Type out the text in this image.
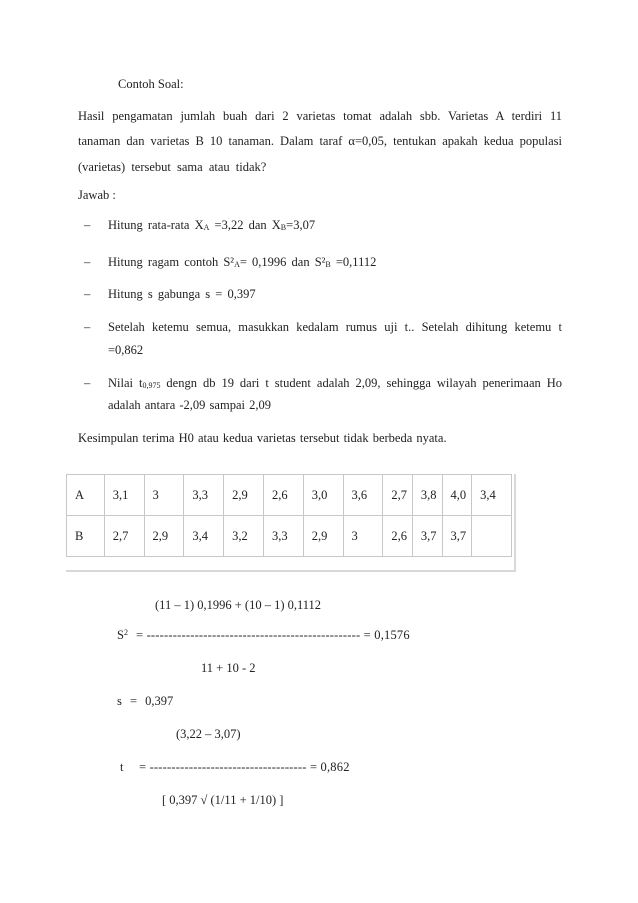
Contoh Soal:
Hasil pengamatan jumlah buah dari 2 varietas tomat adalah sbb. Varietas A terdiri 11
tanaman dan varietas B 10 tanaman. Dalam taraf α=0,05, tentukan apakah kedua populasi
(varietas) tersebut sama atau tidak?
Jawab :
– Hitung rata-rata $X_A =3,22$ dan $X_B=3,07$
– Hitung ragam contoh $S^2_A= 0,1996$ dan $S^2_B =0,1112$
– Hitung s gabunga s = 0,397
– Setelah ketemu semua, masukkan kedalam rumus uji t.. Setelah dihitung ketemu t
=0,862
– Nilai $t_{0,975}$ dengn db 19 dari t student adalah 2,09, sehingga wilayah penerimaan Ho
adalah antara -2,09 sampai 2,09
Kesimpulan terima H0 atau kedua varietas tersebut tidak berbeda nyata.
A	3,1	3	3,3	2,9	2,6	3,0	3,6	2,7	3,8	4,0	3,4
B	2,7	2,9	3,4	3,2	3,3	2,9	3	2,6	3,7	3,7	
(11 – 1) 0,1996 + (10 – 1) 0,1112
$S^2$ = ------------------------------------------------- = 0,1576
11 + 10 - 2
s = 0,397
(3,22 – 3,07)
t = ------------------------------------ = 0,862
[ 0,397 √ (1/11 + 1/10) ]
